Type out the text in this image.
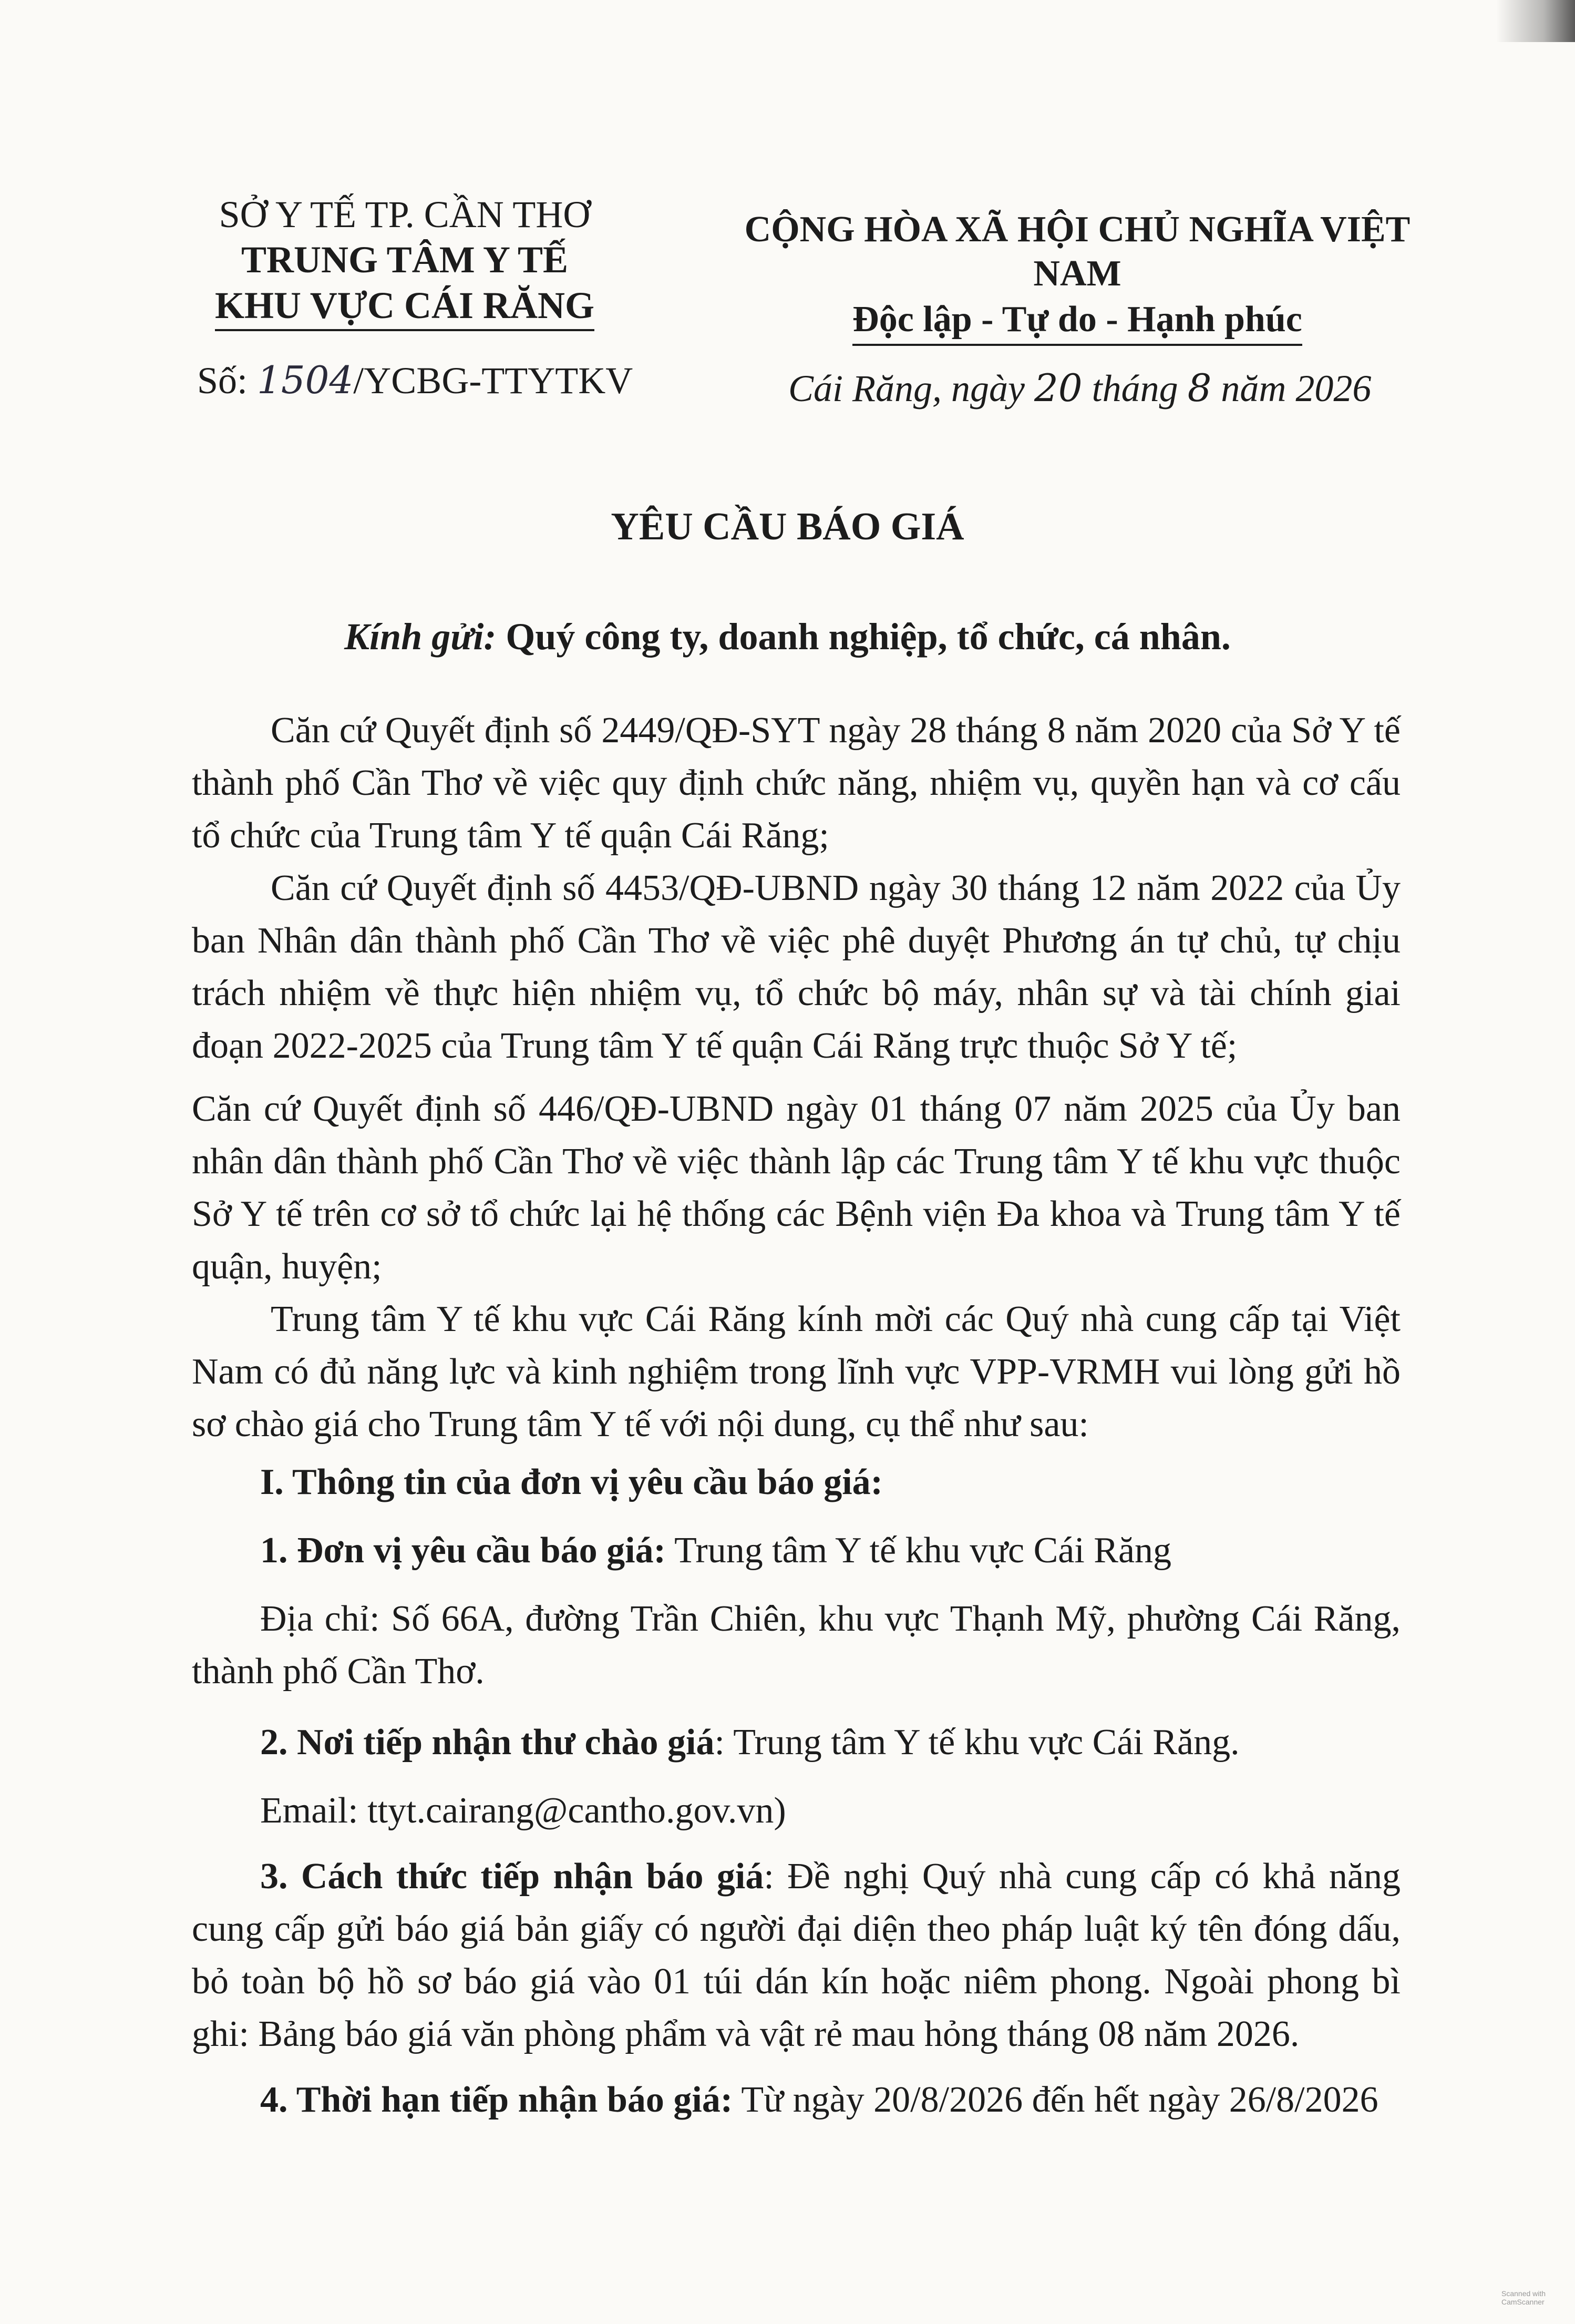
SỞ Y TẾ TP. CẦN THƠ
TRUNG TÂM Y TẾ
KHU VỰC CÁI RĂNG
Số: 1504/YCBG-TTYTKV
CỘNG HÒA XÃ HỘI CHỦ NGHĨA VIỆT NAM
Độc lập - Tự do - Hạnh phúc
Cái Răng, ngày 20 tháng 8 năm 2026
YÊU CẦU BÁO GIÁ
Kính gửi: Quý công ty, doanh nghiệp, tổ chức, cá nhân.
Căn cứ Quyết định số 2449/QĐ-SYT ngày 28 tháng 8 năm 2020 của Sở Y tế thành phố Cần Thơ về việc quy định chức năng, nhiệm vụ, quyền hạn và cơ cấu tổ chức của Trung tâm Y tế quận Cái Răng;
Căn cứ Quyết định số 4453/QĐ-UBND ngày 30 tháng 12 năm 2022 của Ủy ban Nhân dân thành phố Cần Thơ về việc phê duyệt Phương án tự chủ, tự chịu trách nhiệm về thực hiện nhiệm vụ, tổ chức bộ máy, nhân sự và tài chính giai đoạn 2022-2025 của Trung tâm Y tế quận Cái Răng trực thuộc Sở Y tế;
Căn cứ Quyết định số 446/QĐ-UBND ngày 01 tháng 07 năm 2025 của Ủy ban nhân dân thành phố Cần Thơ về việc thành lập các Trung tâm Y tế khu vực thuộc Sở Y tế trên cơ sở tổ chức lại hệ thống các Bệnh viện Đa khoa và Trung tâm Y tế quận, huyện;
Trung tâm Y tế khu vực Cái Răng kính mời các Quý nhà cung cấp tại Việt Nam có đủ năng lực và kinh nghiệm trong lĩnh vực VPP-VRMH vui lòng gửi hồ sơ chào giá cho Trung tâm Y tế với nội dung, cụ thể như sau:
I. Thông tin của đơn vị yêu cầu báo giá:
1. Đơn vị yêu cầu báo giá: Trung tâm Y tế khu vực Cái Răng
Địa chỉ: Số 66A, đường Trần Chiên, khu vực Thạnh Mỹ, phường Cái Răng, thành phố Cần Thơ.
2. Nơi tiếp nhận thư chào giá: Trung tâm Y tế khu vực Cái Răng.
Email: ttyt.cairang@cantho.gov.vn)
3. Cách thức tiếp nhận báo giá: Đề nghị Quý nhà cung cấp có khả năng cung cấp gửi báo giá bản giấy có người đại diện theo pháp luật ký tên đóng dấu, bỏ toàn bộ hồ sơ báo giá vào 01 túi dán kín hoặc niêm phong. Ngoài phong bì ghi: Bảng báo giá văn phòng phẩm và vật rẻ mau hỏng tháng 08 năm 2026.
4. Thời hạn tiếp nhận báo giá: Từ ngày 20/8/2026 đến hết ngày 26/8/2026
Scanned with
CamScanner
